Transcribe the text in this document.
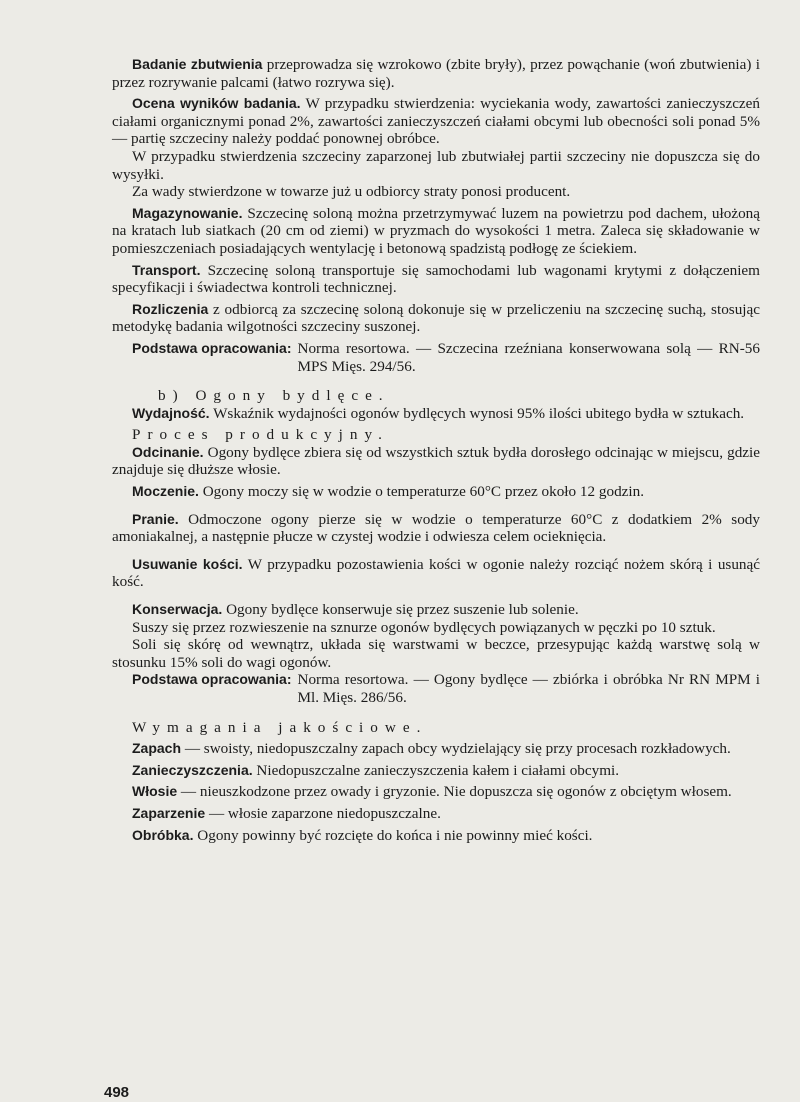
Badanie zbutwienia przeprowadza się wzrokowo (zbite bryły), przez powąchanie (woń zbutwienia) i przez rozrywanie palcami (łatwo rozrywa się).

Ocena wyników badania. W przypadku stwierdzenia: wyciekania wody, zawartości zanieczyszczeń ciałami organicznymi ponad 2%, zawartości zanieczyszczeń ciałami obcymi lub obecności soli ponad 5% — partię szczeciny należy poddać ponownej obróbce.

W przypadku stwierdzenia szczeciny zaparzonej lub zbutwiałej partii szczeciny nie dopuszcza się do wysyłki.

Za wady stwierdzone w towarze już u odbiorcy straty ponosi producent.

Magazynowanie. Szczecinę soloną można przetrzymywać luzem na powietrzu pod dachem, ułożoną na kratach lub siatkach (20 cm od ziemi) w pryzmach do wysokości 1 metra. Zaleca się składowanie w pomieszczeniach posiadających wentylację i betonową spadzistą podłogę ze ściekiem.

Transport. Szczecinę soloną transportuje się samochodami lub wagonami krytymi z dołączeniem specyfikacji i świadectwa kontroli technicznej.

Rozliczenia z odbiorcą za szczecinę soloną dokonuje się w przeliczeniu na szczecinę suchą, stosując metodykę badania wilgotności szczeciny suszonej.

Podstawa opracowania: Norma resortowa. — Szczecina rzeźniana konserwowana solą — RN-56 MPS Mięs. 294/56.

b) Ogony bydlęce.

Wydajność. Wskaźnik wydajności ogonów bydlęcych wynosi 95% ilości ubitego bydła w sztukach.

Proces produkcyjny.

Odcinanie. Ogony bydlęce zbiera się od wszystkich sztuk bydła dorosłego odcinając w miejscu, gdzie znajduje się dłuższe włosie.

Moczenie. Ogony moczy się w wodzie o temperaturze 60°C przez około 12 godzin.

Pranie. Odmoczone ogony pierze się w wodzie o temperaturze 60°C z dodatkiem 2% sody amoniakalnej, a następnie płucze w czystej wodzie i odwiesza celem ocieknięcia.

Usuwanie kości. W przypadku pozostawienia kości w ogonie należy rozciąć nożem skórą i usunąć kość.

Konserwacja. Ogony bydlęce konserwuje się przez suszenie lub solenie.

Suszy się przez rozwieszenie na sznurze ogonów bydlęcych powiązanych w pęczki po 10 sztuk.

Soli się skórę od wewnątrz, układa się warstwami w beczce, przesypując każdą warstwę solą w stosunku 15% soli do wagi ogonów.

Podstawa opracowania: Norma resortowa. — Ogony bydlęce — zbiórka i obróbka Nr RN MPM i Ml. Mięs. 286/56.

Wymagania jakościowe.

Zapach — swoisty, niedopuszczalny zapach obcy wydzielający się przy procesach rozkładowych.

Zanieczyszczenia. Niedopuszczalne zanieczyszczenia kałem i ciałami obcymi.

Włosie — nieuszkodzone przez owady i gryzonie. Nie dopuszcza się ogonów z obciętym włosem.

Zaparzenie — włosie zaparzone niedopuszczalne.

Obróbka. Ogony powinny być rozcięte do końca i nie powinny mieć kości.

498
